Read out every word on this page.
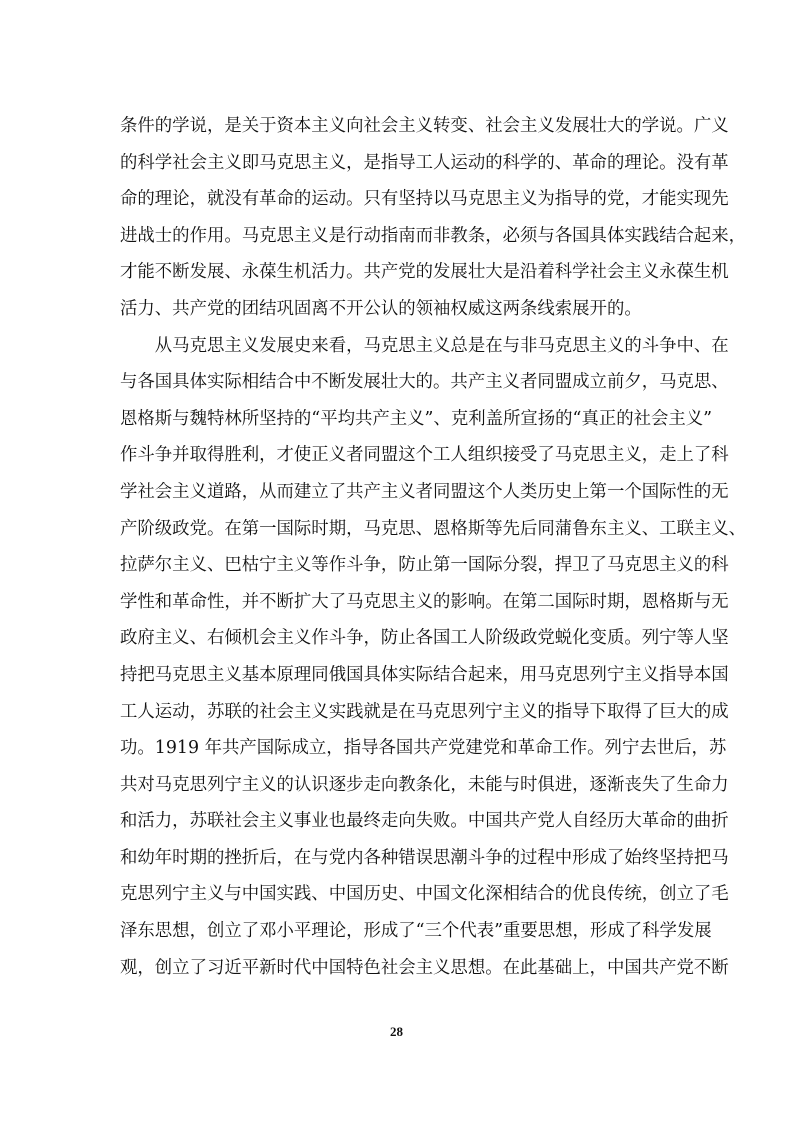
条件的学说，是关于资本主义向社会主义转变、社会主义发展壮大的学说。广义
的科学社会主义即马克思主义，是指导工人运动的科学的、革命的理论。没有革
命的理论，就没有革命的运动。只有坚持以马克思主义为指导的党，才能实现先
进战士的作用。马克思主义是行动指南而非教条，必须与各国具体实践结合起来，
才能不断发展、永葆生机活力。共产党的发展壮大是沿着科学社会主义永葆生机
活力、共产党的团结巩固离不开公认的领袖权威这两条线索展开的。
　　从马克思主义发展史来看，马克思主义总是在与非马克思主义的斗争中、在
与各国具体实际相结合中不断发展壮大的。共产主义者同盟成立前夕，马克思、
恩格斯与魏特林所坚持的“平均共产主义”、克利盖所宣扬的“真正的社会主义”
作斗争并取得胜利，才使正义者同盟这个工人组织接受了马克思主义，走上了科
学社会主义道路，从而建立了共产主义者同盟这个人类历史上第一个国际性的无
产阶级政党。在第一国际时期，马克思、恩格斯等先后同蒲鲁东主义、工联主义、
拉萨尔主义、巴枯宁主义等作斗争，防止第一国际分裂，捍卫了马克思主义的科
学性和革命性，并不断扩大了马克思主义的影响。在第二国际时期，恩格斯与无
政府主义、右倾机会主义作斗争，防止各国工人阶级政党蜕化变质。列宁等人坚
持把马克思主义基本原理同俄国具体实际结合起来，用马克思列宁主义指导本国
工人运动，苏联的社会主义实践就是在马克思列宁主义的指导下取得了巨大的成
功。1919 年共产国际成立，指导各国共产党建党和革命工作。列宁去世后，苏
共对马克思列宁主义的认识逐步走向教条化，未能与时俱进，逐渐丧失了生命力
和活力，苏联社会主义事业也最终走向失败。中国共产党人自经历大革命的曲折
和幼年时期的挫折后，在与党内各种错误思潮斗争的过程中形成了始终坚持把马
克思列宁主义与中国实践、中国历史、中国文化深相结合的优良传统，创立了毛
泽东思想，创立了邓小平理论，形成了“三个代表”重要思想，形成了科学发展
观，创立了习近平新时代中国特色社会主义思想。在此基础上，中国共产党不断
28
